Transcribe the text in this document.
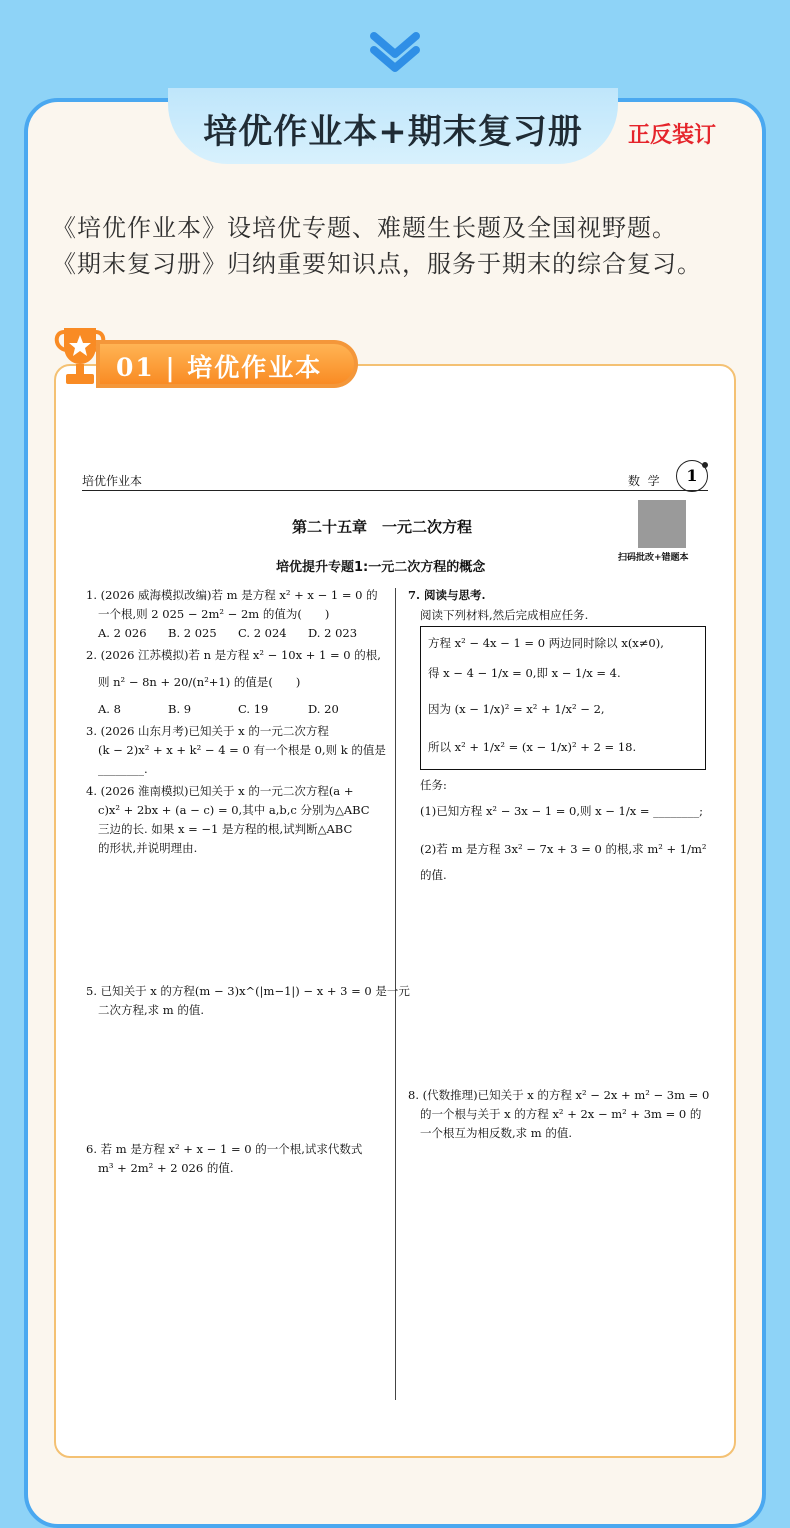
培优作业本+期末复习册	正反装订
《培优作业本》设培优专题、难题生长题及全国视野题。
《期末复习册》归纳重要知识点，服务于期末的综合复习。
01 | 培优作业本
培优作业本	数  学	1
第二十五章　一元二次方程
培优提升专题1:一元二次方程的概念
扫码批改+错题本
1. (2026 威海模拟改编)若 m 是方程 x² + x − 1 = 0 的
一个根,则 2 025 − 2m² − 2m 的值为(　　)
A. 2 026 B. 2 025 C. 2 024 D. 2 023
2. (2026 江苏模拟)若 n 是方程 x² − 10x + 1 = 0 的根,
则 n² − 8n + 20/(n²+1) 的值是(　　)
A. 8	B. 9	C. 19	D. 20
3. (2026 山东月考)已知关于 x 的一元二次方程
(k − 2)x² + x + k² − 4 = 0 有一个根是 0,则 k 的值是
________.
4. (2026 淮南模拟)已知关于 x 的一元二次方程(a +
c)x² + 2bx + (a − c) = 0,其中 a,b,c 分别为△ABC
三边的长. 如果 x = −1 是方程的根,试判断△ABC
的形状,并说明理由.
5. 已知关于 x 的方程(m − 3)x^(|m−1|) − x + 3 = 0 是一元
二次方程,求 m 的值.
6. 若 m 是方程 x² + x − 1 = 0 的一个根,试求代数式
m³ + 2m² + 2 026 的值.
7. 阅读与思考.
阅读下列材料,然后完成相应任务.
方程 x² − 4x − 1 = 0 两边同时除以 x(x≠0),
得 x − 4 − 1/x = 0,即 x − 1/x = 4.
因为 (x − 1/x)² = x² + 1/x² − 2,
所以 x² + 1/x² = (x − 1/x)² + 2 = 18.
任务:
(1)已知方程 x² − 3x − 1 = 0,则 x − 1/x = ________;
(2)若 m 是方程 3x² − 7x + 3 = 0 的根,求 m² + 1/m²
的值.
8. (代数推理)已知关于 x 的方程 x² − 2x + m² − 3m = 0
的一个根与关于 x 的方程 x² + 2x − m² + 3m = 0 的
一个根互为相反数,求 m 的值.
